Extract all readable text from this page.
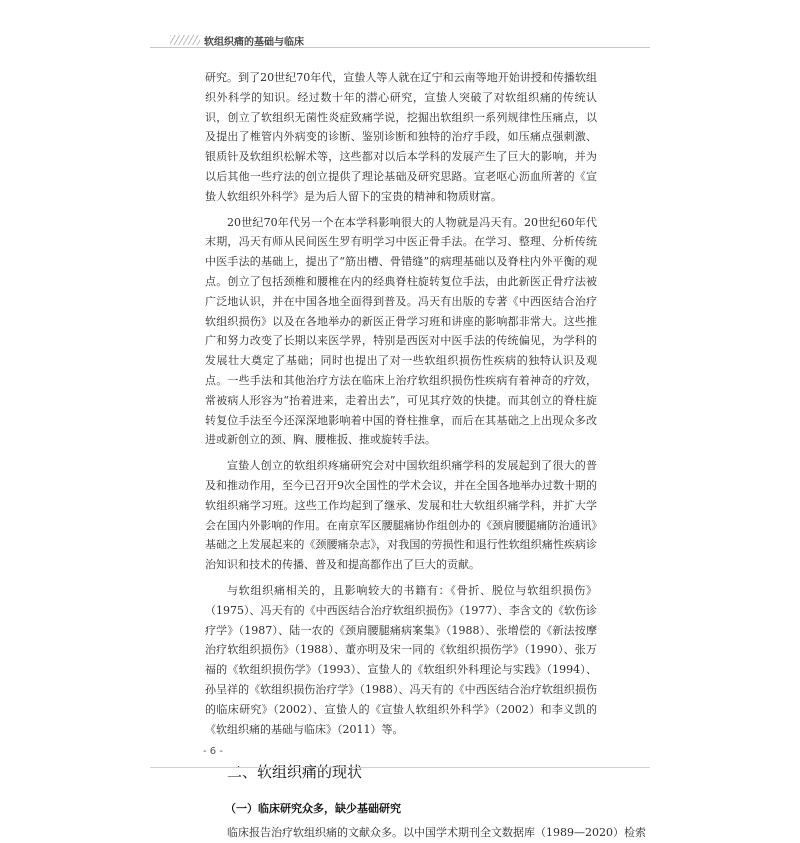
软组织痛的基础与临床

研究。到了20世纪70年代，宣蛰人等人就在辽宁和云南等地开始讲授和传播软组织外科学的知识。经过数十年的潜心研究，宣蛰人突破了对软组织痛的传统认识，创立了软组织无菌性炎症致痛学说，挖掘出软组织一系列规律性压痛点，以及提出了椎管内外病变的诊断、鉴别诊断和独特的治疗手段，如压痛点强刺激、银质针及软组织松解术等，这些都对以后本学科的发展产生了巨大的影响，并为以后其他一些疗法的创立提供了理论基础及研究思路。宣老呕心沥血所著的《宣蛰人软组织外科学》是为后人留下的宝贵的精神和物质财富。

20世纪70年代另一个在本学科影响很大的人物就是冯天有。20世纪60年代末期，冯天有师从民间医生罗有明学习中医正骨手法。在学习、整理、分析传统中医手法的基础上，提出了“筋出槽、骨错缝”的病理基础以及脊柱内外平衡的观点。创立了包括颈椎和腰椎在内的经典脊柱旋转复位手法，由此新医正骨疗法被广泛地认识，并在中国各地全面得到普及。冯天有出版的专著《中西医结合治疗软组织损伤》以及在各地举办的新医正骨学习班和讲座的影响都非常大。这些推广和努力改变了长期以来医学界，特别是西医对中医手法的传统偏见，为学科的发展壮大奠定了基础；同时也提出了对一些软组织损伤性疾病的独特认识及观点。一些手法和其他治疗方法在临床上治疗软组织损伤性疾病有着神奇的疗效，常被病人形容为“抬着进来，走着出去”，可见其疗效的快捷。而其创立的脊柱旋转复位手法至今还深深地影响着中国的脊柱推拿，而后在其基础之上出现众多改进或新创立的颈、胸、腰椎扳、推或旋转手法。

宣蛰人创立的软组织疼痛研究会对中国软组织痛学科的发展起到了很大的普及和推动作用，至今已召开9次全国性的学术会议，并在全国各地举办过数十期的软组织痛学习班。这些工作均起到了继承、发展和壮大软组织痛学科，并扩大学会在国内外影响的作用。在南京军区腰腿痛协作组创办的《颈肩腰腿痛防治通讯》基础之上发展起来的《颈腰痛杂志》，对我国的劳损性和退行性软组织痛性疾病诊治知识和技术的传播、普及和提高都作出了巨大的贡献。

与软组织痛相关的，且影响较大的书籍有：《骨折、脱位与软组织损伤》（1975）、冯天有的《中西医结合治疗软组织损伤》（1977）、李含文的《软伤诊疗学》（1987）、陆一农的《颈肩腰腿痛病案集》（1988）、张增偿的《新法按摩治疗软组织损伤》（1988）、董亦明及宋一同的《软组织损伤学》（1990）、张万福的《软组织损伤学》（1993）、宣蛰人的《软组织外科理论与实践》（1994）、孙呈祥的《软组织损伤治疗学》（1988）、冯天有的《中西医结合治疗软组织损伤的临床研究》（2002）、宣蛰人的《宣蛰人软组织外科学》（2002）和李义凯的《软组织痛的基础与临床》（2011）等。

二、软组织痛的现状
（一）临床研究众多，缺少基础研究

临床报告治疗软组织痛的文献众多。以中国学术期刊全文数据库（1989—2020）检索

- 6 -
